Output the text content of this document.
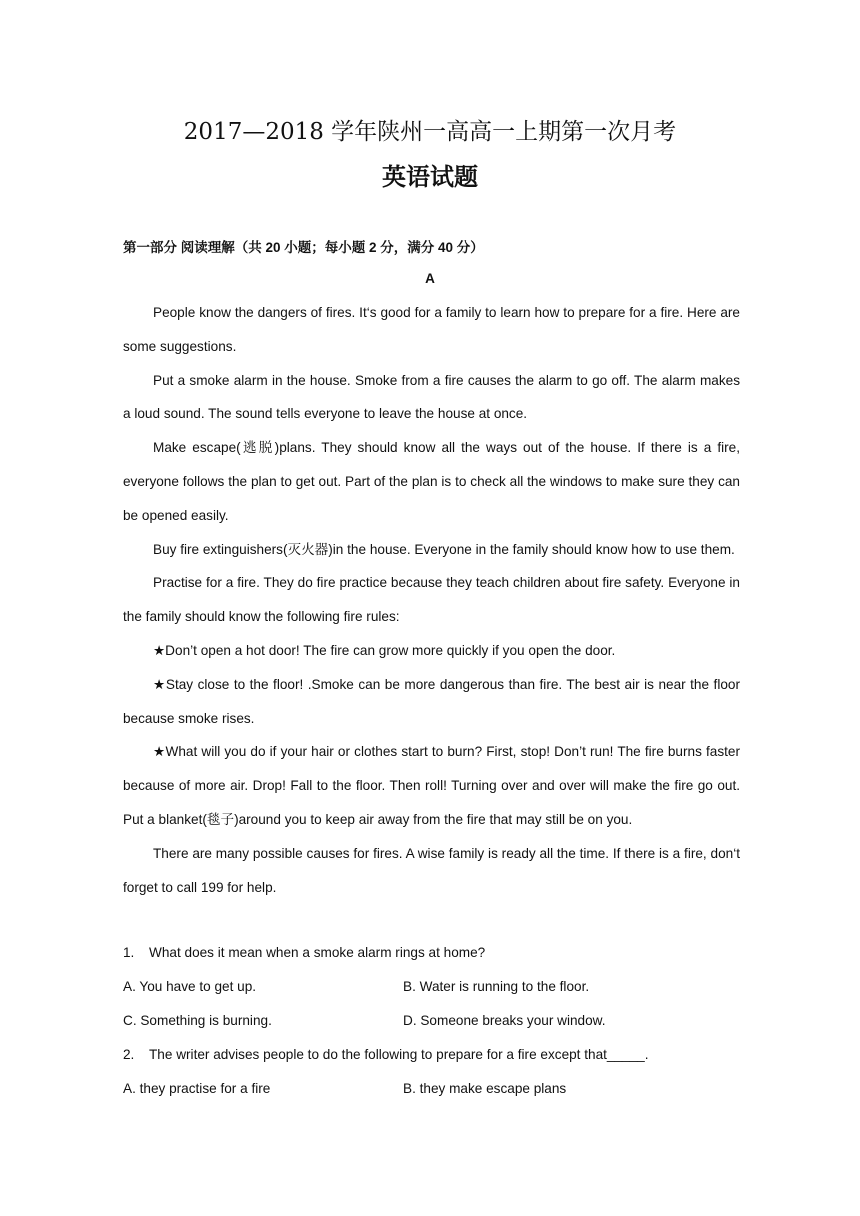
2017—2018 学年陕州一高高一上期第一次月考
英语试题
第一部分 阅读理解（共 20 小题；每小题 2 分，满分 40 分）
A

People know the dangers of fires. It‘s good for a family to learn how to prepare for a fire. Here are some suggestions.

Put a smoke alarm in the house. Smoke from a fire causes the alarm to go off. The alarm makes a loud sound. The sound tells everyone to leave the house at once.

Make escape(逃脱)plans. They should know all the ways out of the house. If there is a fire, everyone follows the plan to get out. Part of the plan is to check all the windows to make sure they can be opened easily.

Buy fire extinguishers(灭火器)in the house. Everyone in the family should know how to use them.

Practise for a fire. They do fire practice because they teach children about fire safety. Everyone in the family should know the following fire rules:

★Don’t open a hot door! The fire can grow more quickly if you open the door.

★Stay close to the floor! .Smoke can be more dangerous than fire. The best air is near the floor because smoke rises.

★What will you do if your hair or clothes start to burn? First, stop! Don’t run! The fire burns faster because of more air. Drop! Fall to the floor. Then roll! Turning over and over will make the fire go out. Put a blanket(毯子)around you to keep air away from the fire that may still be on you.

There are many possible causes for fires. A wise family is ready all the time. If there is a fire, don‘t forget to call 199 for help.

1. What does it mean when a smoke alarm rings at home?
A. You have to get up.	B. Water is running to the floor.
C. Something is burning.	D. Someone breaks your window.
2. The writer advises people to do the following to prepare for a fire except that_____.
A. they practise for a fire	B. they make escape plans
